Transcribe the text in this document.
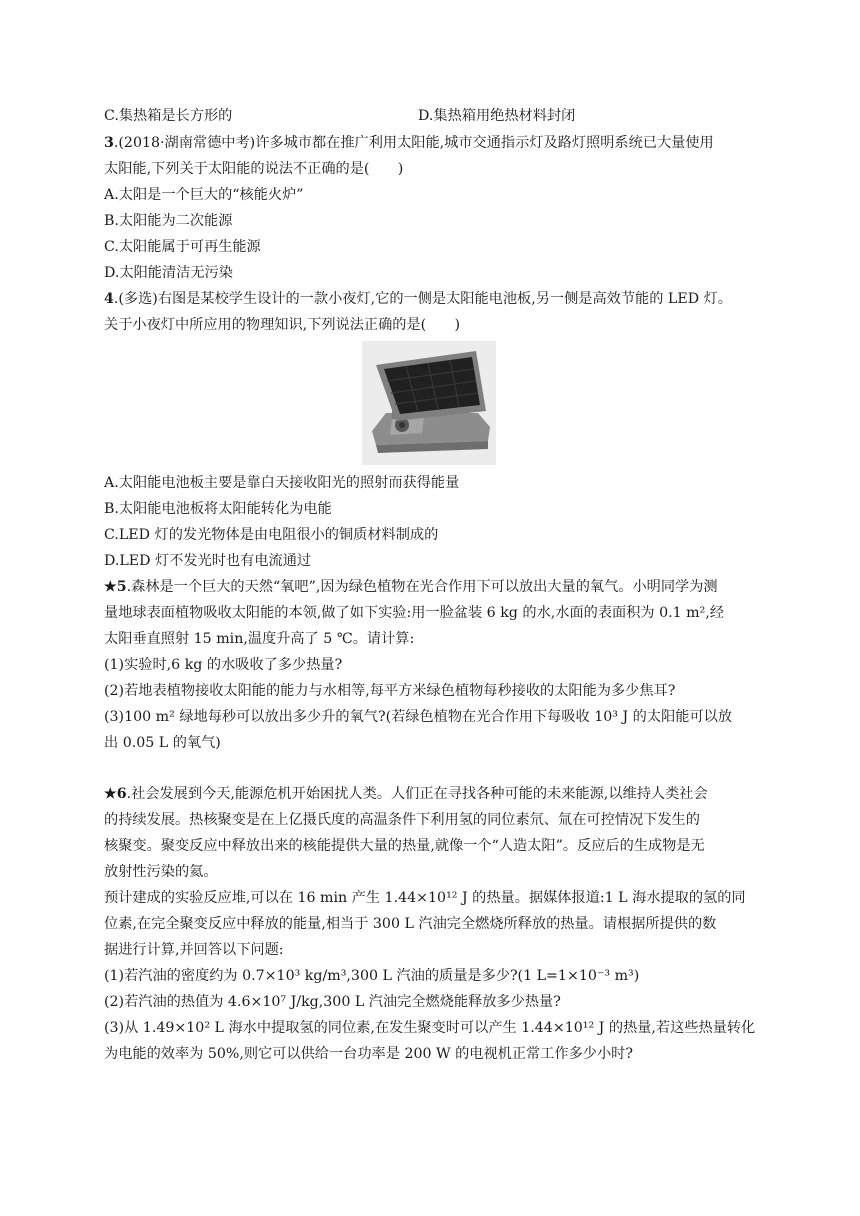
C.集热箱是长方形的	D.集热箱用绝热材料封闭
3.(2018·湖南常德中考)许多城市都在推广利用太阳能,城市交通指示灯及路灯照明系统已大量使用
太阳能,下列关于太阳能的说法不正确的是(　　)
A.太阳是一个巨大的“核能火炉”
B.太阳能为二次能源
C.太阳能属于可再生能源
D.太阳能清洁无污染
4.(多选)右图是某校学生设计的一款小夜灯,它的一侧是太阳能电池板,另一侧是高效节能的 LED 灯。
关于小夜灯中所应用的物理知识,下列说法正确的是(　　)
A.太阳能电池板主要是靠白天接收阳光的照射而获得能量
B.太阳能电池板将太阳能转化为电能
C.LED 灯的发光物体是由电阻很小的铜质材料制成的
D.LED 灯不发光时也有电流通过
★5.森林是一个巨大的天然“氧吧”,因为绿色植物在光合作用下可以放出大量的氧气。小明同学为测
量地球表面植物吸收太阳能的本领,做了如下实验:用一脸盆装 6 kg 的水,水面的表面积为 0.1 m²,经
太阳垂直照射 15 min,温度升高了 5 ℃。请计算:
(1)实验时,6 kg 的水吸收了多少热量?
(2)若地表植物接收太阳能的能力与水相等,每平方米绿色植物每秒接收的太阳能为多少焦耳?
(3)100 m² 绿地每秒可以放出多少升的氧气?(若绿色植物在光合作用下每吸收 10³ J 的太阳能可以放
出 0.05 L 的氧气)
★6.社会发展到今天,能源危机开始困扰人类。人们正在寻找各种可能的未来能源,以维持人类社会
的持续发展。热核聚变是在上亿摄氏度的高温条件下利用氢的同位素氘、氚在可控情况下发生的
核聚变。聚变反应中释放出来的核能提供大量的热量,就像一个“人造太阳”。反应后的生成物是无
放射性污染的氦。
预计建成的实验反应堆,可以在 16 min 产生 1.44×10¹² J 的热量。据媒体报道:1 L 海水提取的氢的同
位素,在完全聚变反应中释放的能量,相当于 300 L 汽油完全燃烧所释放的热量。请根据所提供的数
据进行计算,并回答以下问题:
(1)若汽油的密度约为 0.7×10³ kg/m³,300 L 汽油的质量是多少?(1 L=1×10⁻³ m³)
(2)若汽油的热值为 4.6×10⁷ J/kg,300 L 汽油完全燃烧能释放多少热量?
(3)从 1.49×10² L 海水中提取氢的同位素,在发生聚变时可以产生 1.44×10¹² J 的热量,若这些热量转化
为电能的效率为 50%,则它可以供给一台功率是 200 W 的电视机正常工作多少小时?
